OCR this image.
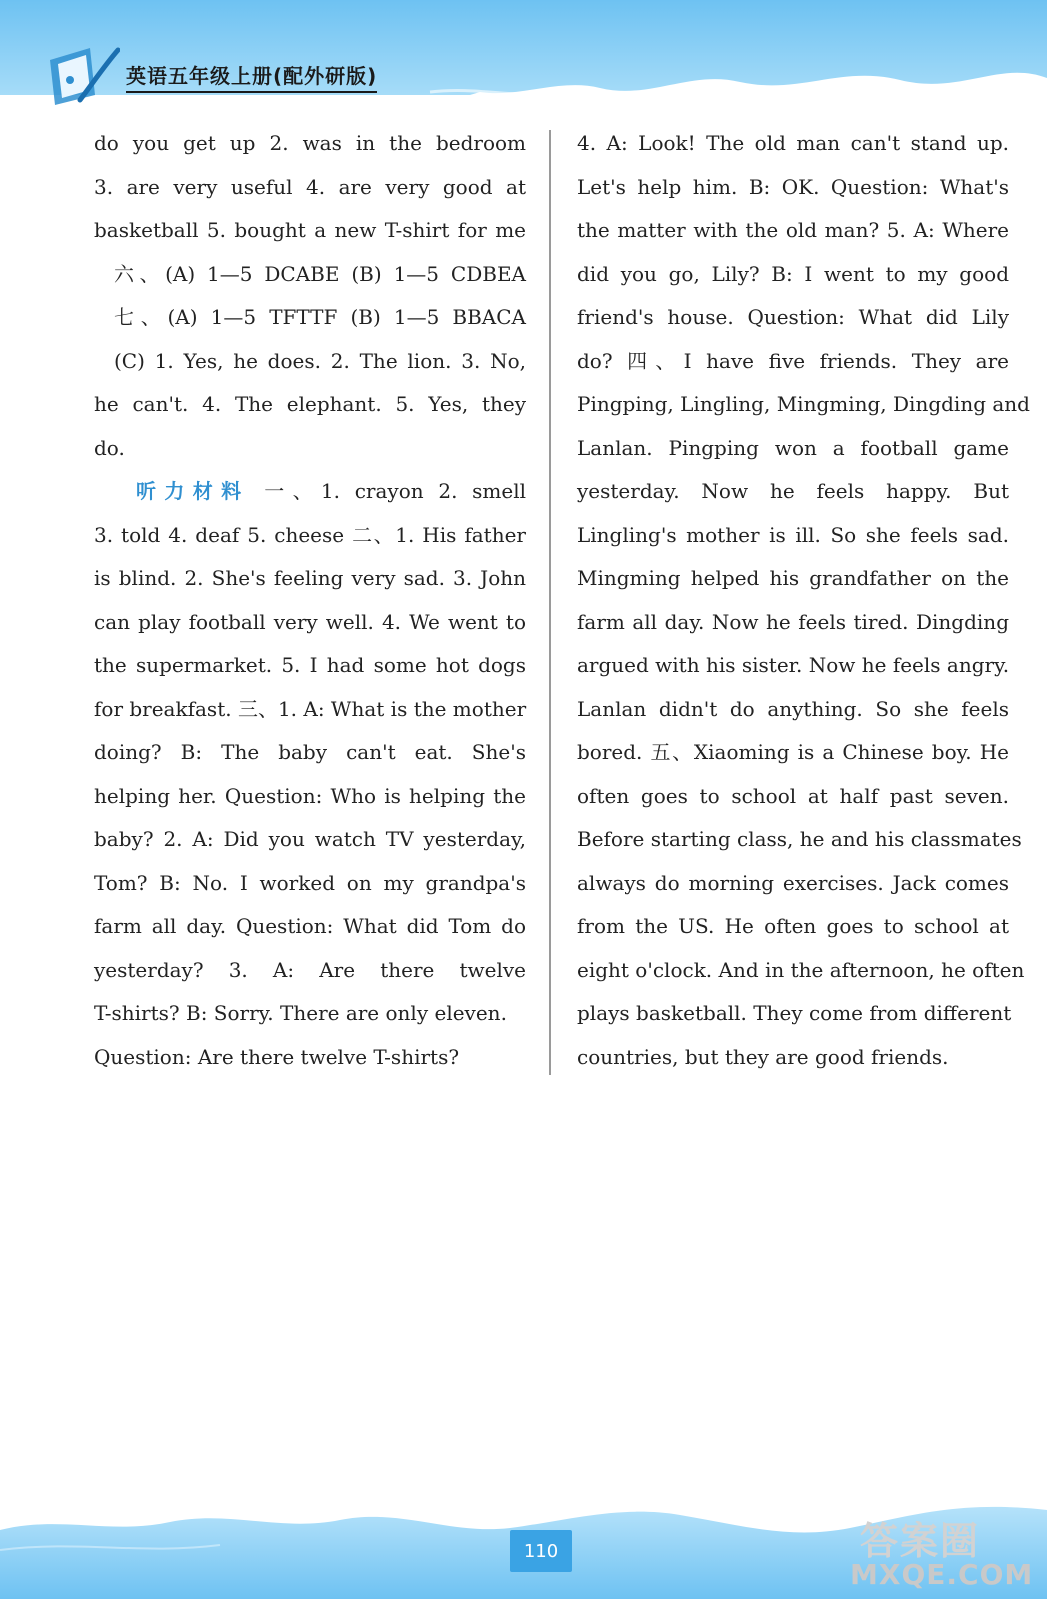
英语五年级上册(配外研版)

do you get up 2. was in the bedroom

3. are very useful 4. are very good at

basketball 5. bought a new T-shirt for me

六、(A) 1—5 DCABE (B) 1—5 CDBEA

七、(A) 1—5 TFTTF (B) 1—5 BBACA

(C) 1. Yes, he does. 2. The lion. 3. No,

he can't. 4. The elephant. 5. Yes, they

do.

听力材料 一、1. crayon 2. smell

3. told 4. deaf 5. cheese 二、1. His father

is blind. 2. She's feeling very sad. 3. John

can play football very well. 4. We went to

the supermarket. 5. I had some hot dogs

for breakfast. 三、1. A: What is the mother

doing? B: The baby can't eat. She's

helping her. Question: Who is helping the

baby? 2. A: Did you watch TV yesterday,

Tom? B: No. I worked on my grandpa's

farm all day. Question: What did Tom do

yesterday? 3. A: Are there twelve

T-shirts? B: Sorry. There are only eleven.

Question: Are there twelve T-shirts?

4. A: Look! The old man can't stand up.

Let's help him. B: OK. Question: What's

the matter with the old man? 5. A: Where

did you go, Lily? B: I went to my good

friend's house. Question: What did Lily

do? 四、I have five friends. They are

Pingping, Lingling, Mingming, Dingding and

Lanlan. Pingping won a football game

yesterday. Now he feels happy. But

Lingling's mother is ill. So she feels sad.

Mingming helped his grandfather on the

farm all day. Now he feels tired. Dingding

argued with his sister. Now he feels angry.

Lanlan didn't do anything. So she feels

bored. 五、Xiaoming is a Chinese boy. He

often goes to school at half past seven.

Before starting class, he and his classmates

always do morning exercises. Jack comes

from the US. He often goes to school at

eight o'clock. And in the afternoon, he often

plays basketball. They come from different

countries, but they are good friends.

110	答案圈
MXQE.COM
